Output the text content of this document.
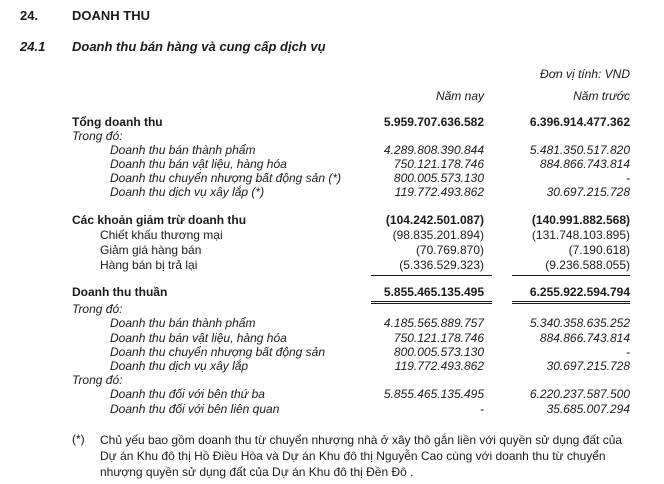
24.	DOANH THU
24.1 Doanh thu bán hàng và cung cấp dịch vụ
Đơn vị tính: VND
Năm nay	Năm trước
Tổng doanh thu	5.959.707.636.582	6.396.914.477.362
Trong đó:
Doanh thu bán thành phẩm	4.289.808.390.844	5.481.350.517.820
Doanh thu bán vật liệu, hàng hóa	750.121.178.746	884.866.743.814
Doanh thu chuyển nhượng bất động sản (*)	800.005.573.130	-
Doanh thu dịch vụ xây lắp (*)	119.772.493.862	30.697.215.728
Các khoản giảm trừ doanh thu	(104.242.501.087)	(140.991.882.568)
Chiết khấu thương mại	(98.835.201.894)	(131.748.103.895)
Giảm giá hàng bán	(70.769.870)	(7.190.618)
Hàng bán bị trả lại	(5.336.529.323)	(9.236.588.055)
Doanh thu thuần	5.855.465.135.495	6.255.922.594.794
Trong đó:
Doanh thu bán thành phẩm	4.185.565.889.757	5.340.358.635.252
Doanh thu bán vật liệu, hàng hóa	750.121.178.746	884.866.743.814
Doanh thu chuyển nhượng bất động sản	800.005.573.130	-
Doanh thu dịch vụ xây lắp	119.772.493.862	30.697.215.728
Trong đó:
Doanh thu đối với bên thứ ba	5.855.465.135.495	6.220.237.587.500
Doanh thu đối với bên liên quan	-	35.685.007.294
(*) Chủ yếu bao gồm doanh thu từ chuyển nhượng nhà ở xây thô gắn liền với quyền sử dụng đất của Dự án Khu đô thị Hồ Điều Hòa và Dự án Khu đô thị Nguyễn Cao cùng với doanh thu từ chuyển nhượng quyền sử dụng đất của Dự án Khu đô thị Đền Đô .
